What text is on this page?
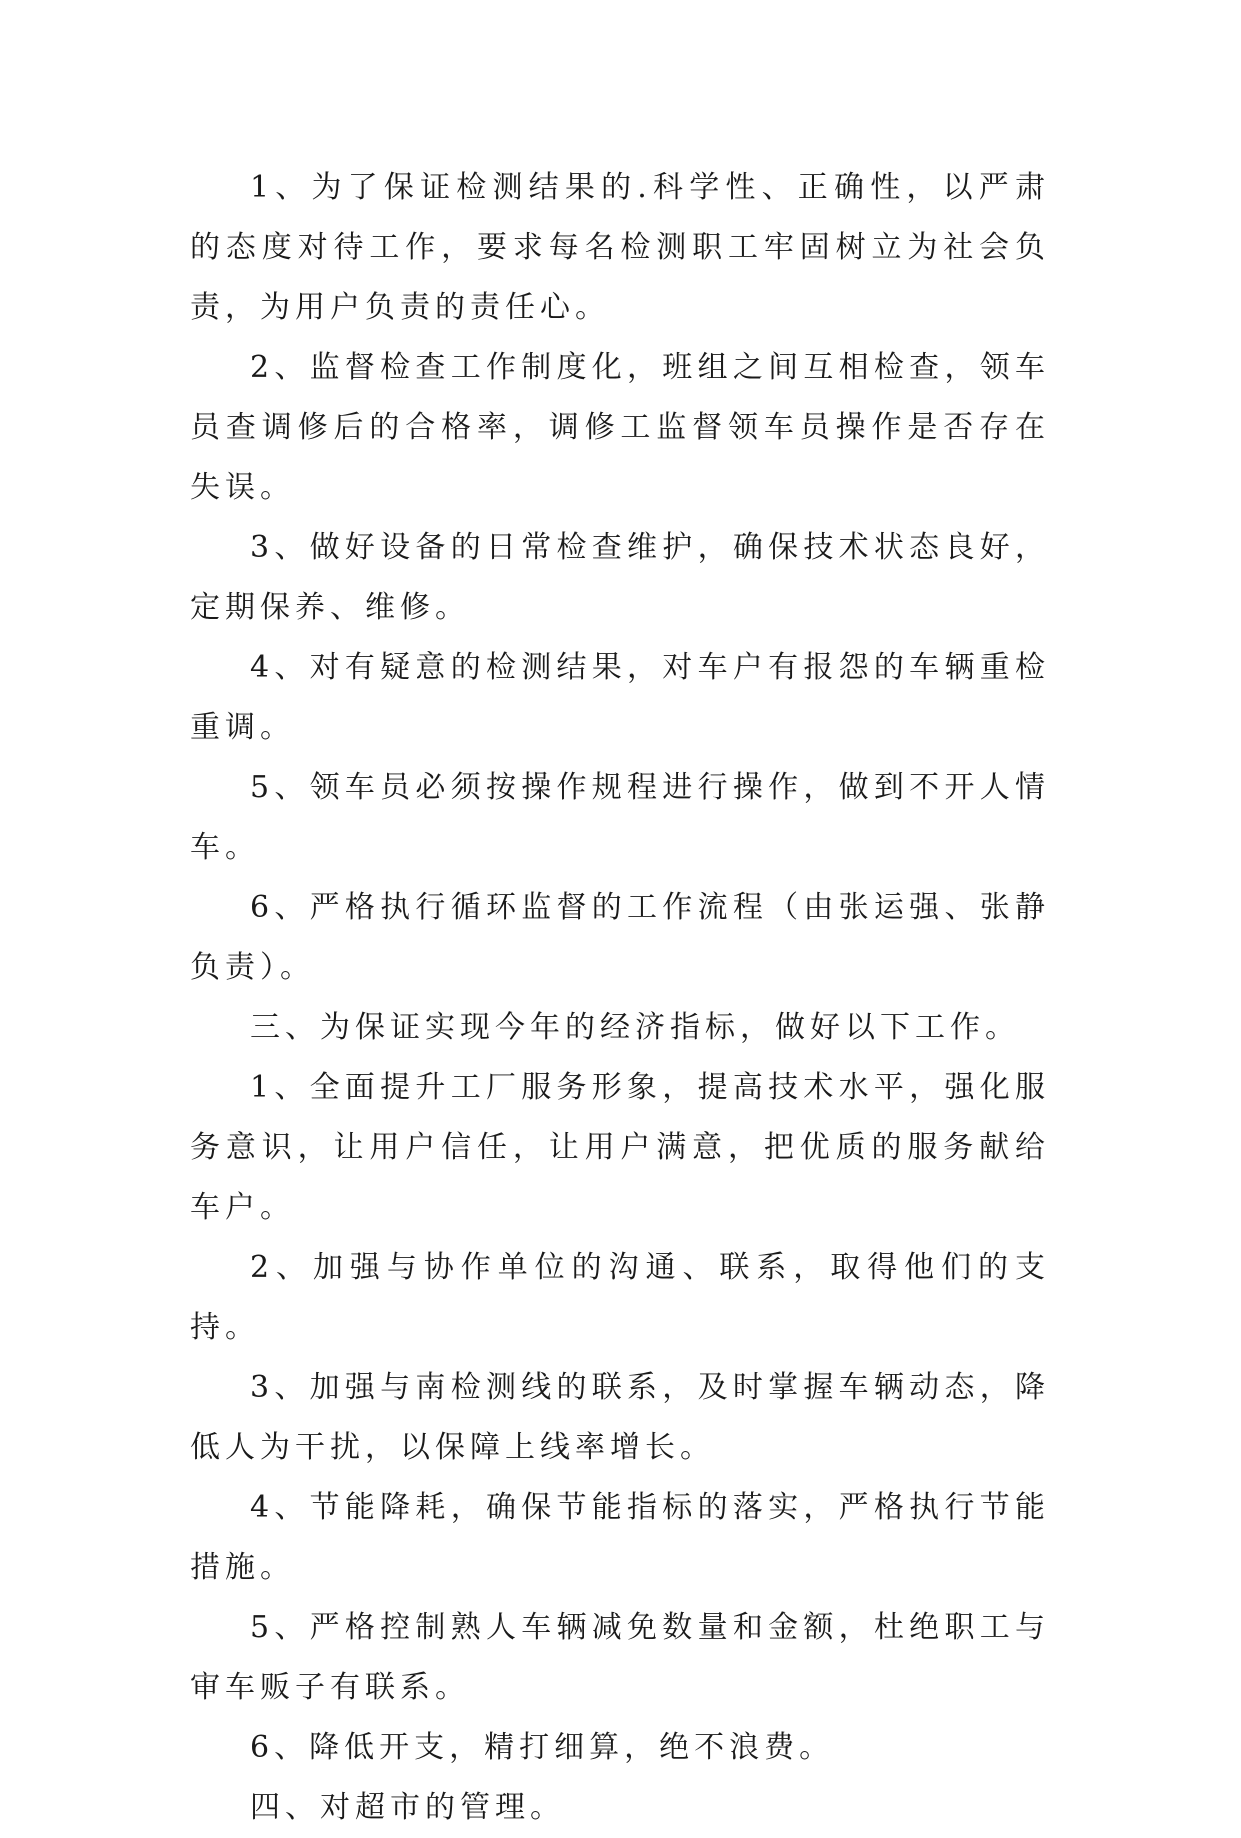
1、为了保证检测结果的.科学性、正确性，以严肃的态度对待工作，要求每名检测职工牢固树立为社会负责，为用户负责的责任心。

2、监督检查工作制度化，班组之间互相检查，领车员查调修后的合格率，调修工监督领车员操作是否存在失误。

3、做好设备的日常检查维护，确保技术状态良好，定期保养、维修。

4、对有疑意的检测结果，对车户有报怨的车辆重检重调。

5、领车员必须按操作规程进行操作，做到不开人情车。

6、严格执行循环监督的工作流程（由张运强、张静负责）。

三、为保证实现今年的经济指标，做好以下工作。

1、全面提升工厂服务形象，提高技术水平，强化服务意识，让用户信任，让用户满意，把优质的服务献给车户。

2、加强与协作单位的沟通、联系，取得他们的支持。

3、加强与南检测线的联系，及时掌握车辆动态，降低人为干扰，以保障上线率增长。

4、节能降耗，确保节能指标的落实，严格执行节能措施。

5、严格控制熟人车辆减免数量和金额，杜绝职工与审车贩子有联系。

6、降低开支，精打细算，绝不浪费。

四、对超市的管理。
